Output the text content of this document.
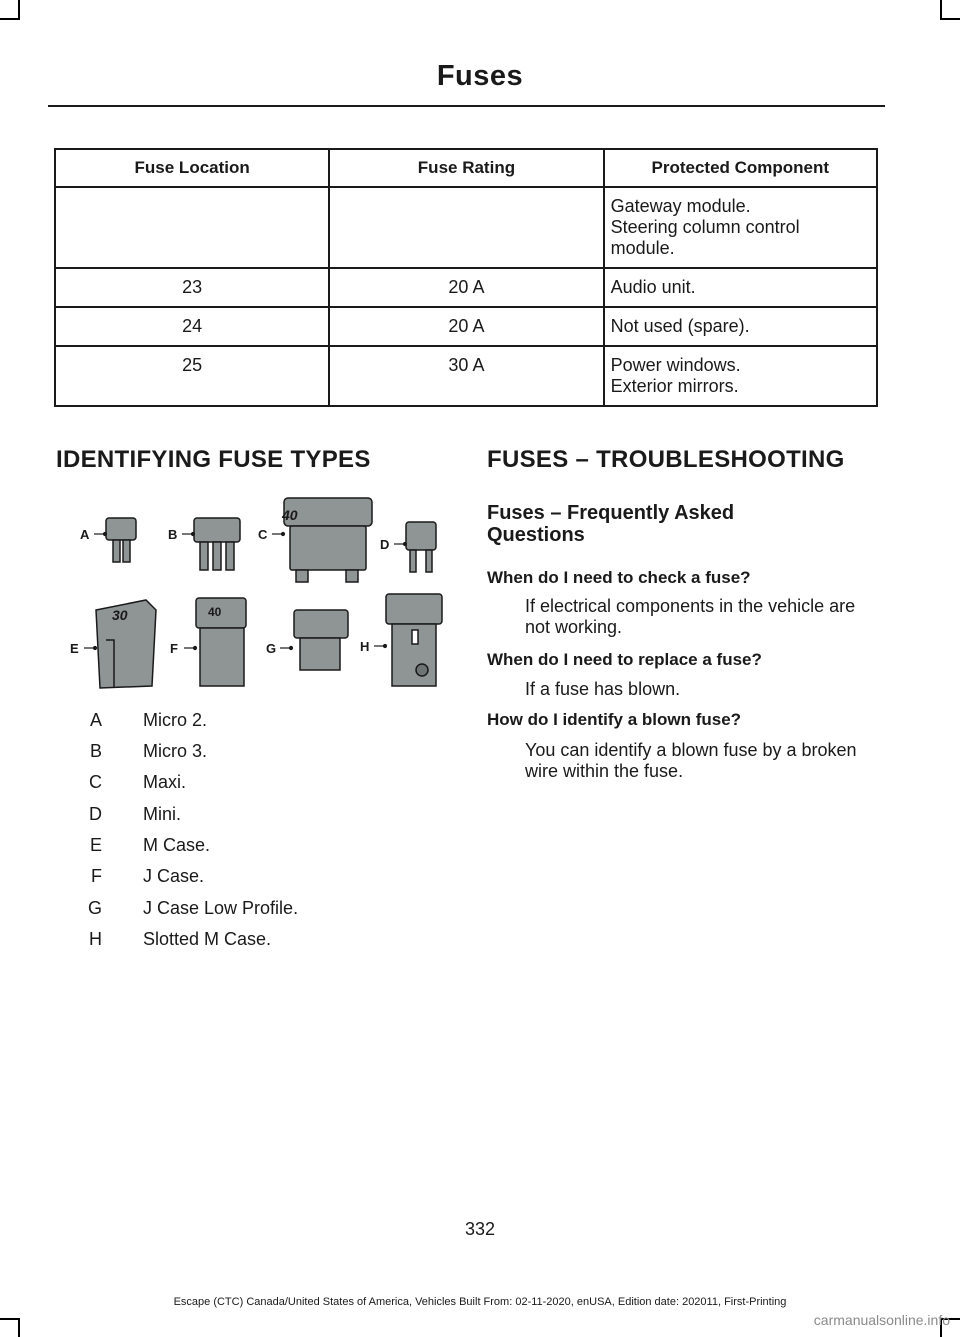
Fuses
Fuse Location	Fuse Rating	Protected Component

		Gateway module.
Steering column control module.

23	20 A	Audio unit.

24	20 A	Not used (spare).

25	30 A	Power windows.
Exterior mirrors.
IDENTIFYING FUSE TYPES
40
30	40
A	B	C
D
E	F	G	H
A Micro 2.
B Micro 3.
C Maxi.
D Mini.
E M Case.
F J Case.
G J Case Low Profile.
H Slotted M Case.
FUSES – TROUBLESHOOTING
Fuses – Frequently Asked
Questions
When do I need to check a fuse?
If electrical components in the vehicle are not working.
When do I need to replace a fuse?
If a fuse has blown.
How do I identify a blown fuse?
You can identify a blown fuse by a broken wire within the fuse.
332
Escape (CTC) Canada/United States of America, Vehicles Built From: 02-11-2020, enUSA, Edition date: 202011, First-Printing
carmanualsonline.info
